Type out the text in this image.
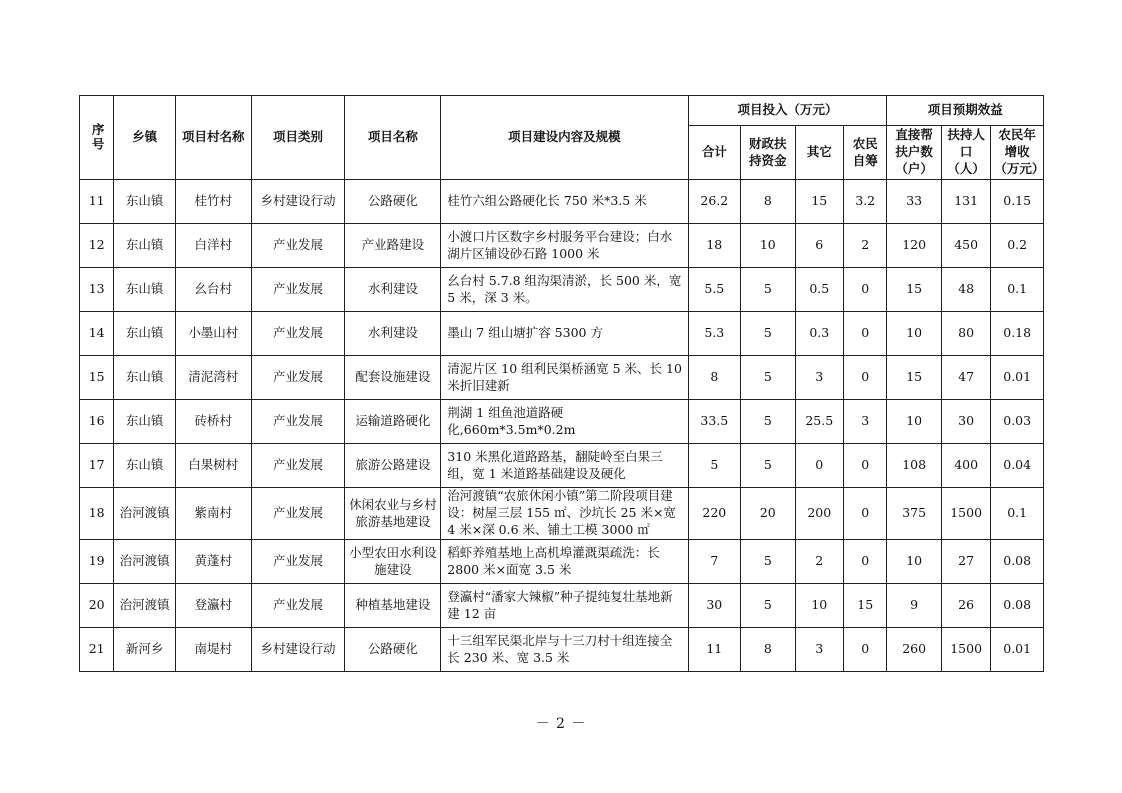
序号	乡镇	项目村名称	项目类别	项目名称	项目建设内容及规模	项目投入（万元）				项目预期效益		
						合计	财政扶持资金	其它	农民自筹	直接帮扶户数（户）	扶持人口（人）	农民年增收（万元）
11	东山镇	桂竹村	乡村建设行动	公路硬化	桂竹六组公路硬化长 750 米*3.5 米	26.2	8	15	3.2	33	131	0.15
12	东山镇	白洋村	产业发展	产业路建设	小渡口片区数字乡村服务平台建设；白水湖片区铺设砂石路 1000 米	18	10	6	2	120	450	0.2
13	东山镇	幺台村	产业发展	水利建设	幺台村 5.7.8 组沟渠清淤，长 500 米，宽 5 米，深 3 米。	5.5	5	0.5	0	15	48	0.1
14	东山镇	小墨山村	产业发展	水利建设	墨山 7 组山塘扩容 5300 方	5.3	5	0.3	0	10	80	0.18
15	东山镇	清泥湾村	产业发展	配套设施建设	清泥片区 10 组利民渠桥涵宽 5 米、长 10 米折旧建新	8	5	3	0	15	47	0.01
16	东山镇	砖桥村	产业发展	运输道路硬化	荆湖 1 组鱼池道路硬化,660m*3.5m*0.2m	33.5	5	25.5	3	10	30	0.03
17	东山镇	白果树村	产业发展	旅游公路建设	310 米黑化道路路基，翻陡岭至白果三组，宽 1 米道路基础建设及硬化	5	5	0	0	108	400	0.04
18	治河渡镇	紫南村	产业发展	休闲农业与乡村旅游基地建设	治河渡镇“农旅休闲小镇”第二阶段项目建设：树屋三层 155 ㎡、沙坑长 25 米×宽 4 米×深 0.6 米、铺土工模 3000 ㎡	220	20	200	0	375	1500	0.1
19	治河渡镇	黄蓬村	产业发展	小型农田水利设施建设	稻虾养殖基地上高机埠灌溉渠疏洗：长 2800 米×面宽 3.5 米	7	5	2	0	10	27	0.08
20	治河渡镇	登瀛村	产业发展	种植基地建设	登瀛村“潘家大辣椒”种子提纯复壮基地新建 12 亩	30	5	10	15	9	26	0.08
21	新河乡	南堤村	乡村建设行动	公路硬化	十三组军民渠北岸与十三刀村十组连接全长 230 米、宽 3.5 米	11	8	3	0	260	1500	0.01
－ 2 －
